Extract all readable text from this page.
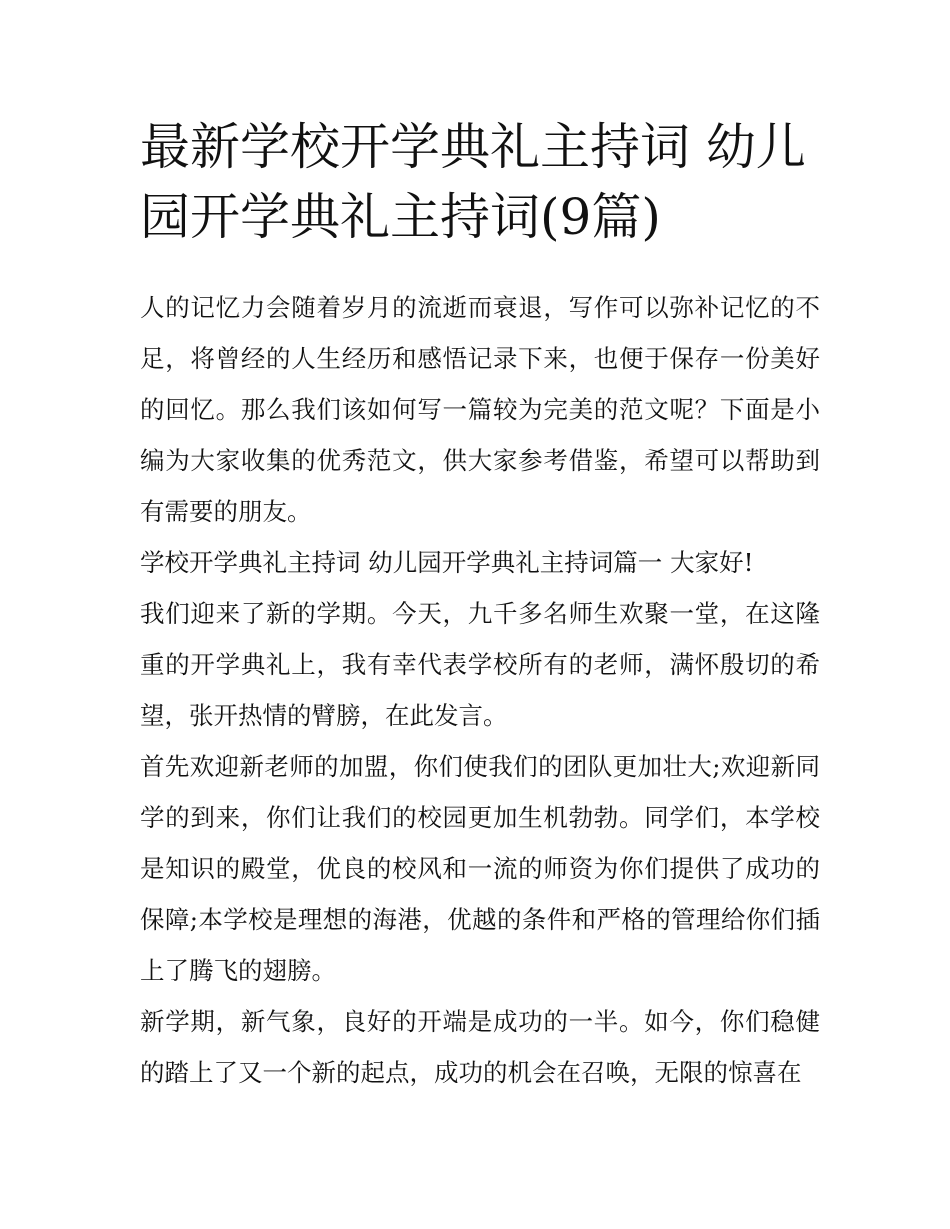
最新学校开学典礼主持词 幼儿园开学典礼主持词(9篇)

人的记忆力会随着岁月的流逝而衰退，写作可以弥补记忆的不足，将曾经的人生经历和感悟记录下来，也便于保存一份美好的回忆。那么我们该如何写一篇较为完美的范文呢？下面是小编为大家收集的优秀范文，供大家参考借鉴，希望可以帮助到有需要的朋友。

学校开学典礼主持词 幼儿园开学典礼主持词篇一 大家好!

我们迎来了新的学期。今天，九千多名师生欢聚一堂，在这隆重的开学典礼上，我有幸代表学校所有的老师，满怀殷切的希望，张开热情的臂膀，在此发言。

首先欢迎新老师的加盟，你们使我们的团队更加壮大;欢迎新同学的到来，你们让我们的校园更加生机勃勃。同学们，本学校是知识的殿堂，优良的校风和一流的师资为你们提供了成功的保障;本学校是理想的海港，优越的条件和严格的管理给你们插上了腾飞的翅膀。

新学期，新气象，良好的开端是成功的一半。如今，你们稳健的踏上了又一个新的起点，成功的机会在召唤，无限的惊喜在
